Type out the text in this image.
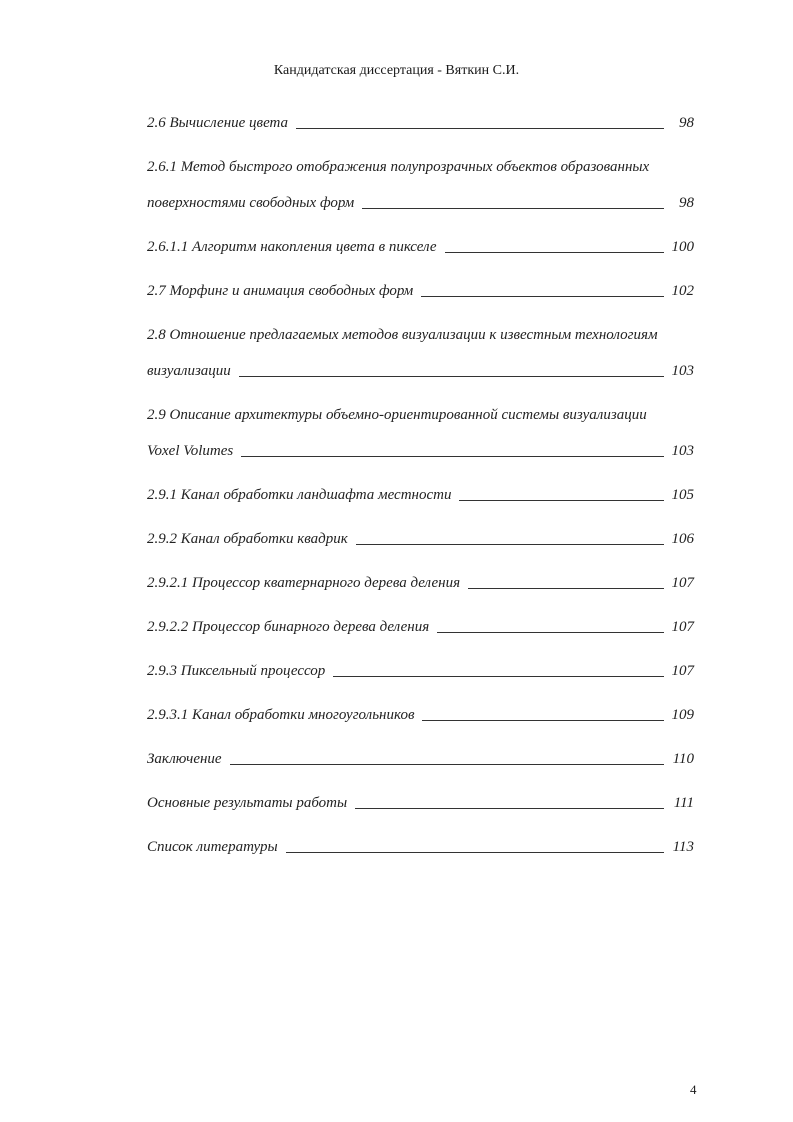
Кандидатская диссертация - Вяткин С.И.
2.6 Вычисление цвета	98
2.6.1 Метод быстрого отображения полупрозрачных объектов образованных
поверхностями свободных форм	98
2.6.1.1 Алгоритм накопления цвета в пикселе	100
2.7 Морфинг и анимация свободных форм	102
2.8 Отношение предлагаемых методов визуализации к известным технологиям
визуализации	103
2.9 Описание архитектуры объемно-ориентированной системы визуализации
Voxel Volumes	103
2.9.1 Канал обработки ландшафта местности	105
2.9.2 Канал обработки квадрик	106
2.9.2.1 Процессор кватернарного дерева деления	107
2.9.2.2 Процессор бинарного дерева деления	107
2.9.3 Пиксельный процессор	107
2.9.3.1 Канал обработки многоугольников	109
Заключение	110
Основные результаты работы	111
Список литературы	113
4
